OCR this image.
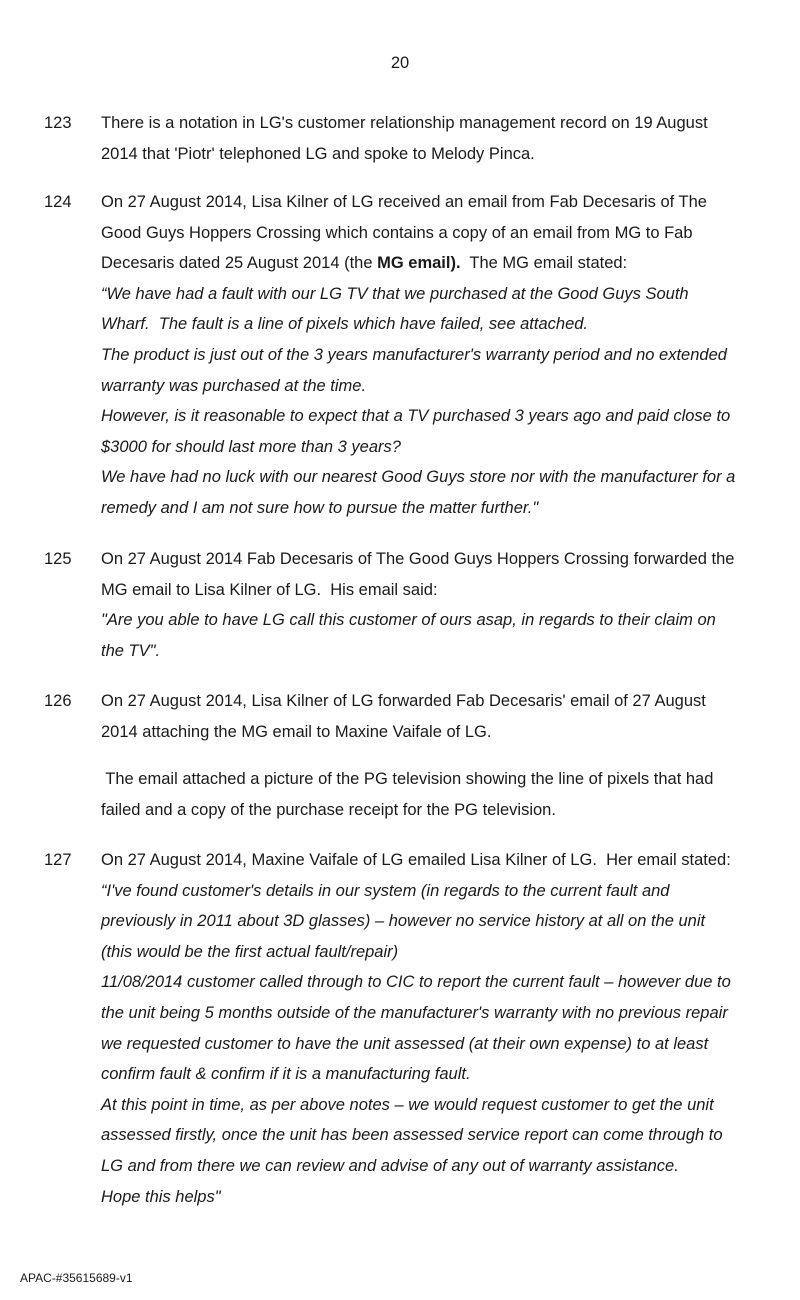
20
123 There is a notation in LG's customer relationship management record on 19 August

2014 that 'Piotr' telephoned LG and spoke to Melody Pinca.

124 On 27 August 2014, Lisa Kilner of LG received an email from Fab Decesaris of The

Good Guys Hoppers Crossing which contains a copy of an email from MG to Fab

Decesaris dated 25 August 2014 (the MG email).  The MG email stated:

“We have had a fault with our LG TV that we purchased at the Good Guys South

Wharf.  The fault is a line of pixels which have failed, see attached.

The product is just out of the 3 years manufacturer's warranty period and no extended

warranty was purchased at the time.

However, is it reasonable to expect that a TV purchased 3 years ago and paid close to

$3000 for should last more than 3 years?

We have had no luck with our nearest Good Guys store nor with the manufacturer for a

remedy and I am not sure how to pursue the matter further."

125 On 27 August 2014 Fab Decesaris of The Good Guys Hoppers Crossing forwarded the

MG email to Lisa Kilner of LG.  His email said:

"Are you able to have LG call this customer of ours asap, in regards to their claim on

the TV".

126 On 27 August 2014, Lisa Kilner of LG forwarded Fab Decesaris' email of 27 August

2014 attaching the MG email to Maxine Vaifale of LG.

The email attached a picture of the PG television showing the line of pixels that had

failed and a copy of the purchase receipt for the PG television.

127 On 27 August 2014, Maxine Vaifale of LG emailed Lisa Kilner of LG.  Her email stated:

“I've found customer's details in our system (in regards to the current fault and

previously in 2011 about 3D glasses) – however no service history at all on the unit

(this would be the first actual fault/repair)

11/08/2014 customer called through to CIC to report the current fault – however due to

the unit being 5 months outside of the manufacturer's warranty with no previous repair

we requested customer to have the unit assessed (at their own expense) to at least

confirm fault & confirm if it is a manufacturing fault.

At this point in time, as per above notes – we would request customer to get the unit

assessed firstly, once the unit has been assessed service report can come through to

LG and from there we can review and advise of any out of warranty assistance.

Hope this helps"

APAC-#35615689-v1
